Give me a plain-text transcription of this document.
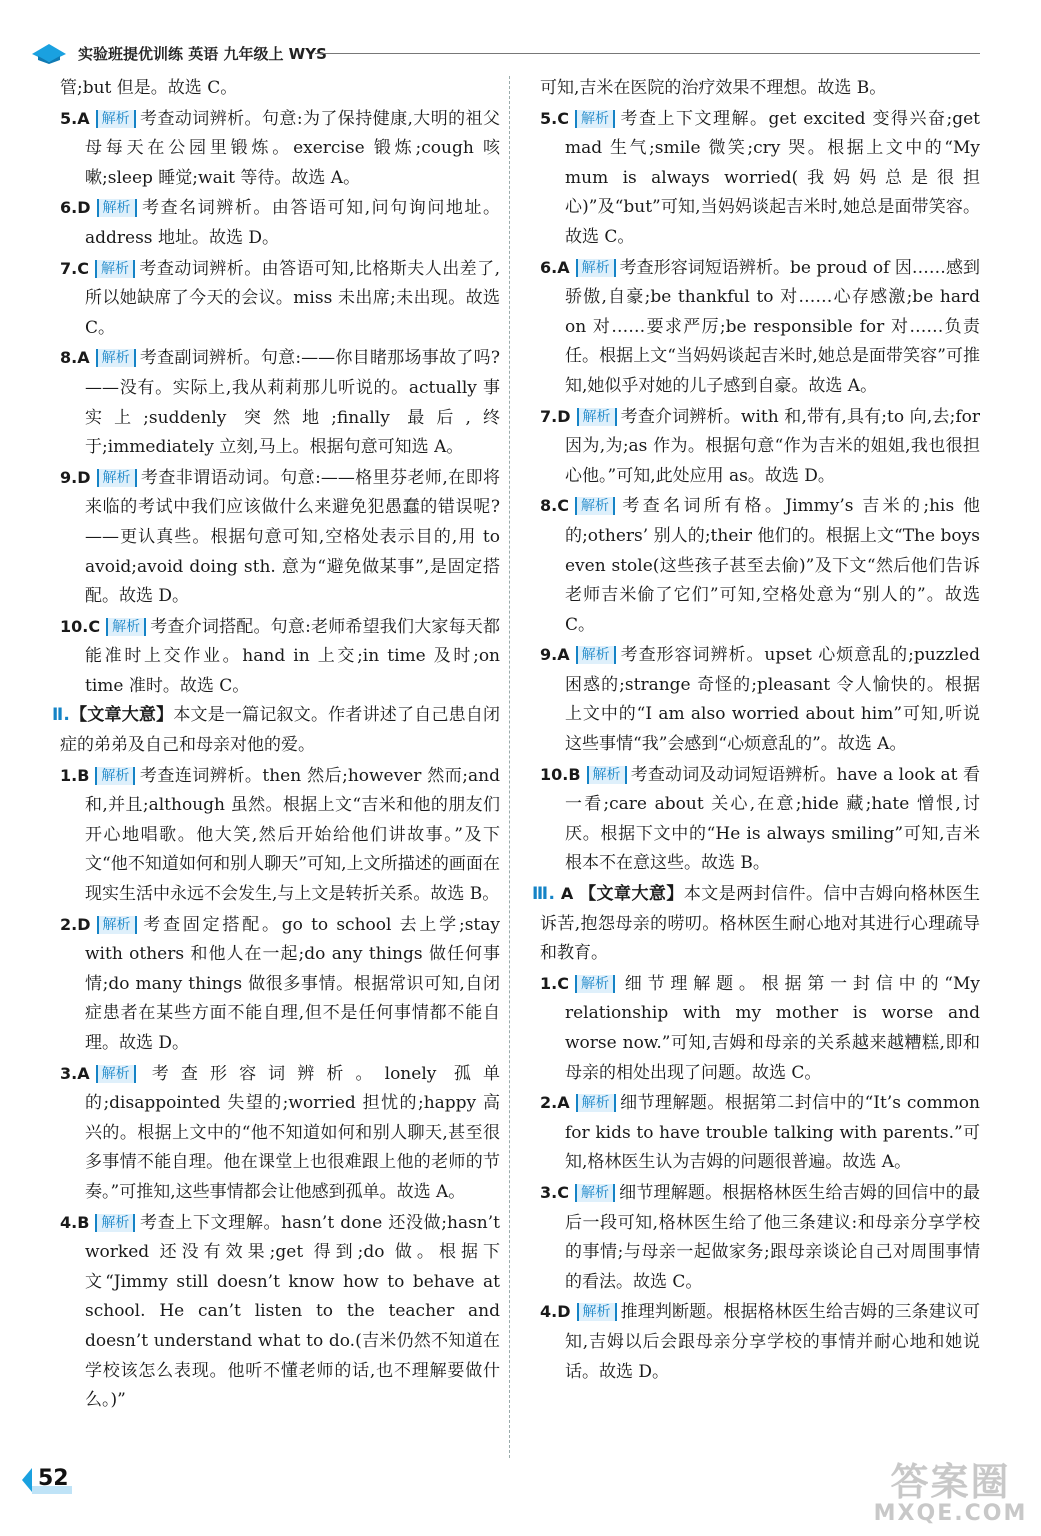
实验班提优训练 英语 九年级上 WYS

管;but 但是。故选 C。

5.A 解析 考查动词辨析。句意:为了保持健康,大明的祖父母每天在公园里锻炼。exercise 锻炼;cough 咳嗽;sleep 睡觉;wait 等待。故选 A。

6.D 解析 考查名词辨析。由答语可知,问句询问地址。address 地址。故选 D。

7.C 解析 考查动词辨析。由答语可知,比格斯夫人出差了,所以她缺席了今天的会议。miss 未出席;未出现。故选 C。

8.A 解析 考查副词辨析。句意:——你目睹那场事故了吗?——没有。实际上,我从莉莉那儿听说的。actually 事实上;suddenly 突然地;finally 最后,终于;immediately 立刻,马上。根据句意可知选 A。

9.D 解析 考查非谓语动词。句意:——格里芬老师,在即将来临的考试中我们应该做什么来避免犯愚蠢的错误呢?——更认真些。根据句意可知,空格处表示目的,用 to avoid;avoid doing sth. 意为“避免做某事”,是固定搭配。故选 D。

10.C 解析 考查介词搭配。句意:老师希望我们大家每天都能准时上交作业。hand in 上交;in time 及时;on time 准时。故选 C。

Ⅱ.【文章大意】本文是一篇记叙文。作者讲述了自己患自闭症的弟弟及自己和母亲对他的爱。

1.B 解析 考查连词辨析。then 然后;however 然而;and 和,并且;although 虽然。根据上文“吉米和他的朋友们开心地唱歌。他大笑,然后开始给他们讲故事。”及下文“他不知道如何和别人聊天”可知,上文所描述的画面在现实生活中永远不会发生,与上文是转折关系。故选 B。

2.D 解析 考查固定搭配。go to school 去上学;stay with others 和他人在一起;do any things 做任何事情;do many things 做很多事情。根据常识可知,自闭症患者在某些方面不能自理,但不是任何事情都不能自理。故选 D。

3.A 解析 考查形容词辨析。lonely 孤单的;disappointed 失望的;worried 担忧的;happy 高兴的。根据上文中的“他不知道如何和别人聊天,甚至很多事情不能自理。他在课堂上也很难跟上他的老师的节奏。”可推知,这些事情都会让他感到孤单。故选 A。

4.B 解析 考查上下文理解。hasn’t done 还没做;hasn’t worked 还没有效果;get 得到;do 做。根据下文“Jimmy still doesn’t know how to behave at school. He can’t listen to the teacher and doesn’t understand what to do.(吉米仍然不知道在学校该怎么表现。他听不懂老师的话,也不理解要做什么。)”

可知,吉米在医院的治疗效果不理想。故选 B。

5.C 解析 考查上下文理解。get excited 变得兴奋;get mad 生气;smile 微笑;cry 哭。根据上文中的“My mum is always worried(我妈妈总是很担心)”及“but”可知,当妈妈谈起吉米时,她总是面带笑容。故选 C。

6.A 解析 考查形容词短语辨析。be proud of 因……感到骄傲,自豪;be thankful to 对……心存感激;be hard on 对……要求严厉;be responsible for 对……负责任。根据上文“当妈妈谈起吉米时,她总是面带笑容”可推知,她似乎对她的儿子感到自豪。故选 A。

7.D 解析 考查介词辨析。with 和,带有,具有;to 向,去;for 因为,为;as 作为。根据句意“作为吉米的姐姐,我也很担心他。”可知,此处应用 as。故选 D。

8.C 解析 考查名词所有格。Jimmy’s 吉米的;his 他的;others’ 别人的;their 他们的。根据上文“The boys even stole(这些孩子甚至去偷)”及下文“然后他们告诉老师吉米偷了它们”可知,空格处意为“别人的”。故选 C。

9.A 解析 考查形容词辨析。upset 心烦意乱的;puzzled 困惑的;strange 奇怪的;pleasant 令人愉快的。根据上文中的“I am also worried about him”可知,听说这些事情“我”会感到“心烦意乱的”。故选 A。

10.B 解析 考查动词及动词短语辨析。have a look at 看一看;care about 关心,在意;hide 藏;hate 憎恨,讨厌。根据下文中的“He is always smiling”可知,吉米根本不在意这些。故选 B。

Ⅲ. A 【文章大意】本文是两封信件。信中吉姆向格林医生诉苦,抱怨母亲的唠叨。格林医生耐心地对其进行心理疏导和教育。

1.C 解析 细节理解题。根据第一封信中的“My relationship with my mother is worse and worse now.”可知,吉姆和母亲的关系越来越糟糕,即和母亲的相处出现了问题。故选 C。

2.A 解析 细节理解题。根据第二封信中的“It’s common for kids to have trouble talking with parents.”可知,格林医生认为吉姆的问题很普遍。故选 A。

3.C 解析 细节理解题。根据格林医生给吉姆的回信中的最后一段可知,格林医生给了他三条建议:和母亲分享学校的事情;与母亲一起做家务;跟母亲谈论自己对周围事情的看法。故选 C。

4.D 解析 推理判断题。根据格林医生给吉姆的三条建议可知,吉姆以后会跟母亲分享学校的事情并耐心地和她说话。故选 D。

52	答案圈
MXQE.COM
